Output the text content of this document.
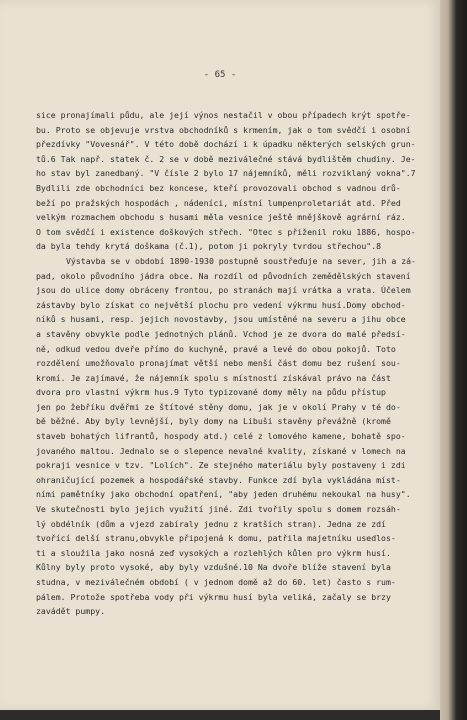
- 65 -
sice pronajímali půdu, ale její výnos nestačil v obou případech krýt spotře-
bu. Proto se objevuje vrstva obchodníků s krmením, jak o tom svědčí i osobní
přezdívky "Vovesnář". V této době dochází i k úpadku některých selských grun-
tů.6 Tak např. statek č. 2 se v době meziválečné stává bydlištěm chudiny. Je-
ho stav byl zanedbaný. "V čísle 2 bylo 17 nájemníků, měli rozviklaný vokna".7
Bydlili zde obchodníci bez koncese, kteří provozovali obchod s vadnou drů-
beží po pražských hospodách , nádeníci, místní lumpenproletariát atd. Před
velkým rozmachem obchodu s husami měla vesnice ještě mnějškově agrární ráz.
O tom svědčí i existence doškových střech. "Otec s přiženil roku 1886, hospo-
da byla tehdy krytá doškama (č.1), potom ji pokryly tvrdou střechou".8
Výstavba se v období 1890-1930 postupně soustřeďuje na sever, jih a zá-
pad, okolo původního jádra obce. Na rozdíl od původních zemědělských stavení
jsou do ulice domy obráceny frontou, po stranách mají vrátka a vrata. Účelem
zástavby bylo získat co největší plochu pro vedení výkrmu husí.Domy obchod-
níků s husami, resp. jejich novostavby, jsou umístěné na severu a jihu obce
a stavěny obvykle podle jednotných plánů. Vchod je ze dvora do malé předsí-
ně, odkud vedou dveře přímo do kuchyně, pravé a levé do obou pokojů. Toto
rozdělení umožňovalo pronajímat větší nebo menší část domu bez rušení sou-
kromí. Je zajímavé, že nájemník spolu s místností získával právo na část
dvora pro vlastní výkrm hus.9 Tyto typizované domy měly na půdu přístup
jen po žebříku dvěřmi ze štítové stěny domu, jak je v okolí Prahy v té do-
bě běžné. Aby byly levnější, byly domy na Libuši stavěny převážně (kromě
staveb bohatých lifrantů, hospody atd.) celé z lomového kamene, bohatě spo-
jovaného maltou. Jednalo se o slepence nevalné kvality, získané v lomech na
pokraji vesnice v tzv. "Lolích". Ze stejného materiálu byly postaveny i zdi
ohraničující pozemek a hospodářské stavby. Funkce zdí byla vykládána míst-
ními pamětníky jako obchodní opatření, "aby jeden druhému nekoukal na husy".
Ve skutečnosti bylo jejich využití jiné. Zdi tvořily spolu s domem rozsáh-
lý obdélník (dům a vjezd zabíraly jednu z kratších stran). Jedna ze zdí
tvořící delší stranu,obvykle připojená k domu, patřila majetníku usedlos-
ti a sloužila jako nosná zeď vysokých a rozlehlých kůlen pro výkrm husí.
Kůlny byly proto vysoké, aby byly vzdušné.10 Na dvoře blíže stavení byla
studna, v meziválečném období ( v jednom domě až do 60. let) často s rum-
pálem. Protože spotřeba vody při výkrmu husí byla veliká, začaly se brzy
zavádět pumpy.
